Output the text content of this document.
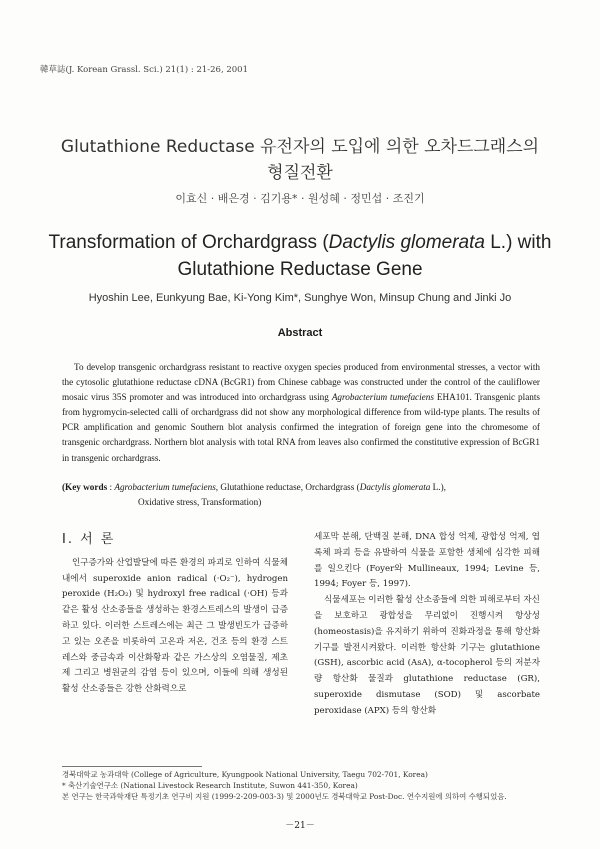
韓草誌(J. Korean Grassl. Sci.) 21(1) : 21-26, 2001
Glutathione Reductase 유전자의 도입에 의한 오차드그래스의
형질전환
이효신 · 배은경 · 김기용* · 원성혜 · 정민섭 · 조진기
Transformation of Orchardgrass (Dactylis glomerata L.) with
Glutathione Reductase Gene
Hyoshin Lee, Eunkyung Bae, Ki-Yong Kim*, Sunghye Won, Minsup Chung and Jinki Jo
Abstract

To develop transgenic orchardgrass resistant to reactive oxygen species produced from environmental stresses, a vector with the cytosolic glutathione reductase cDNA (BcGR1) from Chinese cabbage was constructed under the control of the cauliflower mosaic virus 35S promoter and was introduced into orchardgrass using Agrobacterium tumefaciens EHA101. Transgenic plants from hygromycin-selected calli of orchardgrass did not show any morphological difference from wild-type plants. The results of PCR amplification and genomic Southern blot analysis confirmed the integration of foreign gene into the chromesome of transgenic orchardgrass. Northern blot analysis with total RNA from leaves also confirmed the constitutive expression of BcGR1 in transgenic orchardgrass.

(Key words : Agrobacterium tumefaciens, Glutathione reductase, Orchardgrass (Dactylis glomerata L.),
Oxidative stress, Transformation)
I. 서 론

인구증가와 산업발달에 따른 환경의 파괴로 인하여 식물체 내에서 superoxide anion radical (·O₂⁻), hydrogen peroxide (H₂O₂) 및 hydroxyl free radical (·OH) 등과 같은 활성 산소종들을 생성하는 환경스트레스의 발생이 급증하고 있다. 이러한 스트레스에는 최근 그 발생빈도가 급증하고 있는 오존을 비롯하여 고온과 저온, 건조 등의 환경 스트레스와 중금속과 이산화황과 같은 가스상의 오염물질, 제초제 그리고 병원균의 감염 등이 있으며, 이들에 의해 생성된 활성 산소종들은 강한 산화력으로

세포막 분해, 단백질 분해, DNA 합성 억제, 광합성 억제, 엽록체 파괴 등을 유발하여 식물을 포함한 생체에 심각한 피해를 일으킨다 (Foyer와 Mullineaux, 1994; Levine 등, 1994; Foyer 등, 1997).

식물세포는 이러한 활성 산소종들에 의한 피해로부터 자신을 보호하고 광합성을 무리없이 진행시켜 항상성 (homeostasis)을 유지하기 위하여 진화과정을 통해 항산화 기구를 발전시켜왔다. 이러한 항산화 기구는 glutathione (GSH), ascorbic acid (AsA), α-tocopherol 등의 저분자량 항산화 물질과 glutathione reductase (GR), superoxide dismutase (SOD) 및 ascorbate peroxidase (APX) 등의 항산화

경북대학교 농과대학 (College of Agriculture, Kyungpook National University, Taegu 702-701, Korea)
* 축산기술연구소 (National Livestock Research Institute, Suwon 441-350, Korea)
본 연구는 한국과학재단 특정기초 연구비 지원 (1999-2-209-003-3) 및 2000년도 경북대학교 Post-Doc. 연수지원에 의하여 수행되었음.
－21－
